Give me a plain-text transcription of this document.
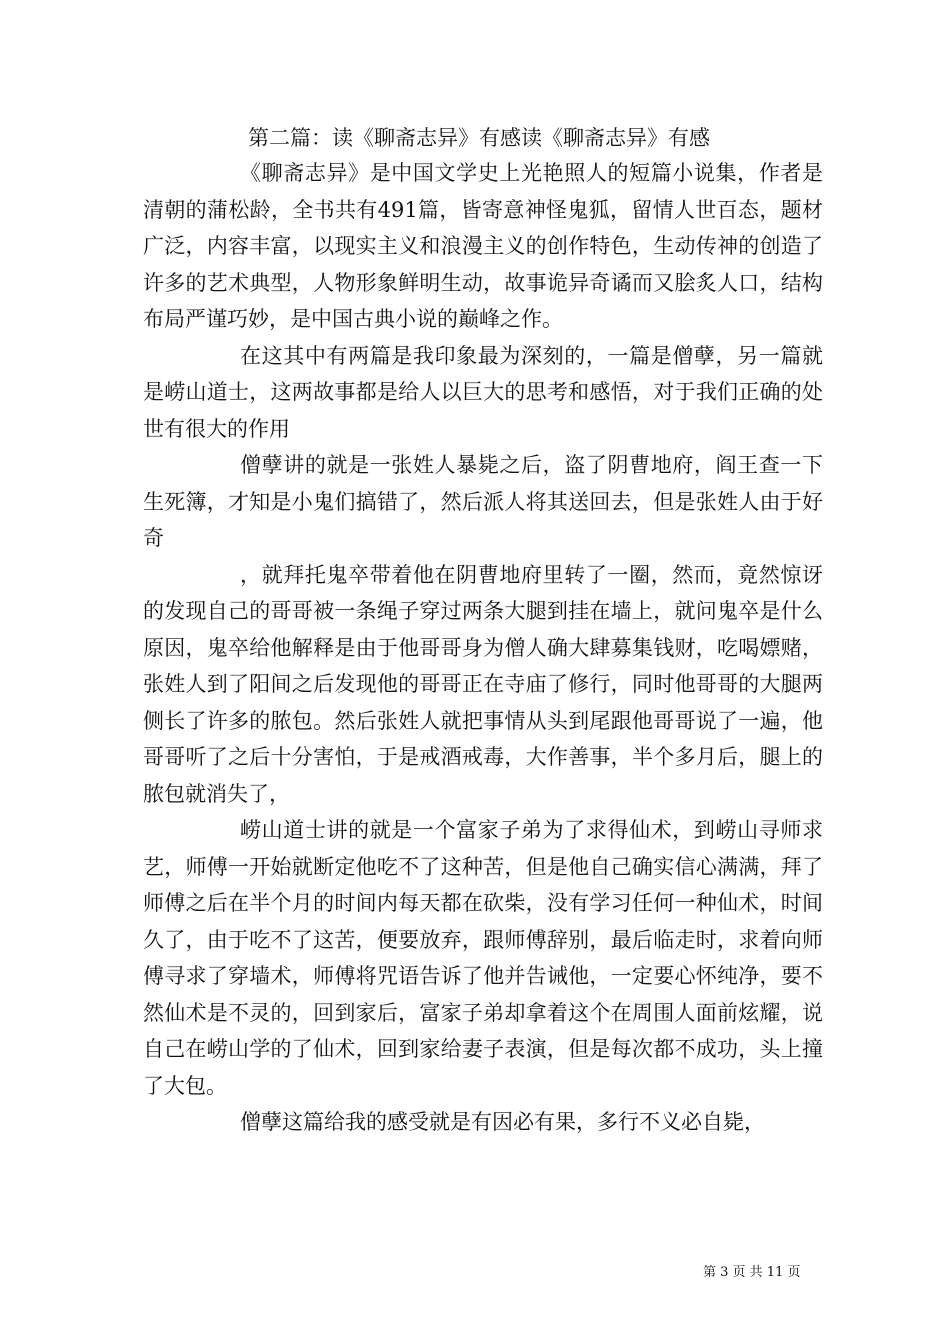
第二篇：读《聊斋志异》有感读《聊斋志异》有感

《聊斋志异》是中国文学史上光艳照人的短篇小说集，作者是清朝的蒲松龄，全书共有491篇，皆寄意神怪鬼狐，留情人世百态，题材广泛，内容丰富，以现实主义和浪漫主义的创作特色，生动传神的创造了许多的艺术典型，人物形象鲜明生动，故事诡异奇谲而又脍炙人口，结构布局严谨巧妙，是中国古典小说的巅峰之作。

在这其中有两篇是我印象最为深刻的，一篇是僧孽，另一篇就是崂山道士，这两故事都是给人以巨大的思考和感悟，对于我们正确的处世有很大的作用

僧孽讲的就是一张姓人暴毙之后，盗了阴曹地府，阎王查一下生死簿，才知是小鬼们搞错了，然后派人将其送回去，但是张姓人由于好奇

，就拜托鬼卒带着他在阴曹地府里转了一圈，然而，竟然惊讶的发现自己的哥哥被一条绳子穿过两条大腿到挂在墙上，就问鬼卒是什么原因，鬼卒给他解释是由于他哥哥身为僧人确大肆募集钱财，吃喝嫖赌，张姓人到了阳间之后发现他的哥哥正在寺庙了修行，同时他哥哥的大腿两侧长了许多的脓包。然后张姓人就把事情从头到尾跟他哥哥说了一遍，他哥哥听了之后十分害怕，于是戒酒戒毒，大作善事，半个多月后，腿上的脓包就消失了，

崂山道士讲的就是一个富家子弟为了求得仙术，到崂山寻师求艺，师傅一开始就断定他吃不了这种苦，但是他自己确实信心满满，拜了师傅之后在半个月的时间内每天都在砍柴，没有学习任何一种仙术，时间久了，由于吃不了这苦，便要放弃，跟师傅辞别，最后临走时，求着向师傅寻求了穿墙术，师傅将咒语告诉了他并告诫他，一定要心怀纯净，要不然仙术是不灵的，回到家后，富家子弟却拿着这个在周围人面前炫耀，说自己在崂山学的了仙术，回到家给妻子表演，但是每次都不成功，头上撞了大包。

僧孽这篇给我的感受就是有因必有果，多行不义必自毙，

第 3 页 共 11 页
